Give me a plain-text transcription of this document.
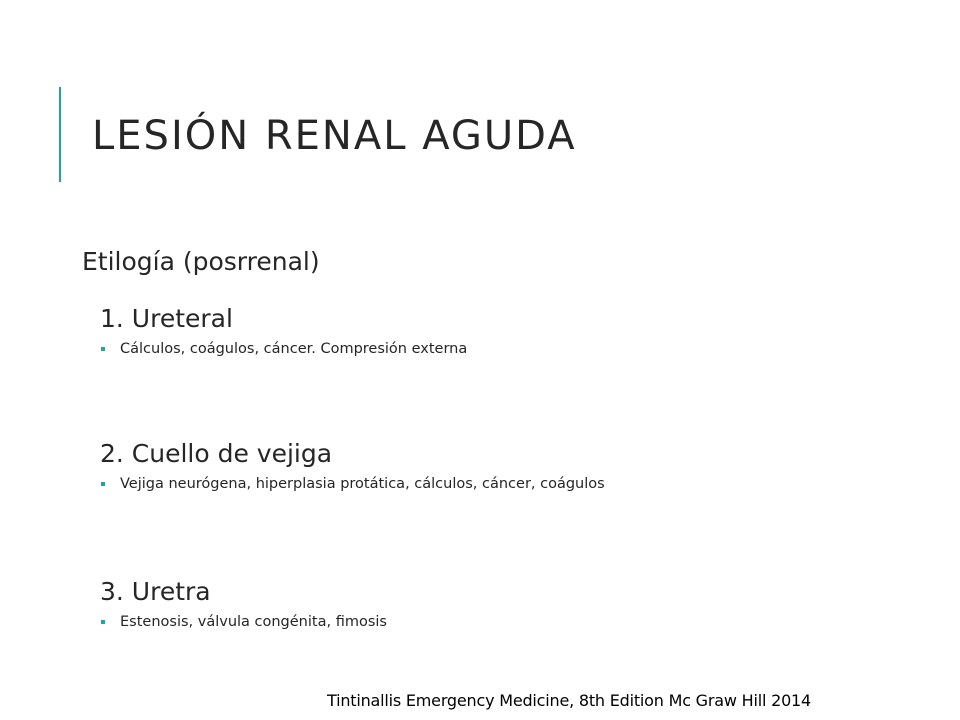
LESIÓN RENAL AGUDA
Etilogía (posrrenal)
1. Ureteral
Cálculos, coágulos, cáncer. Compresión externa
2. Cuello de vejiga
Vejiga neurógena, hiperplasia protática, cálculos, cáncer, coágulos
3. Uretra
Estenosis, válvula congénita, fimosis
Tintinallis Emergency Medicine, 8th Edition Mc Graw Hill 2014
